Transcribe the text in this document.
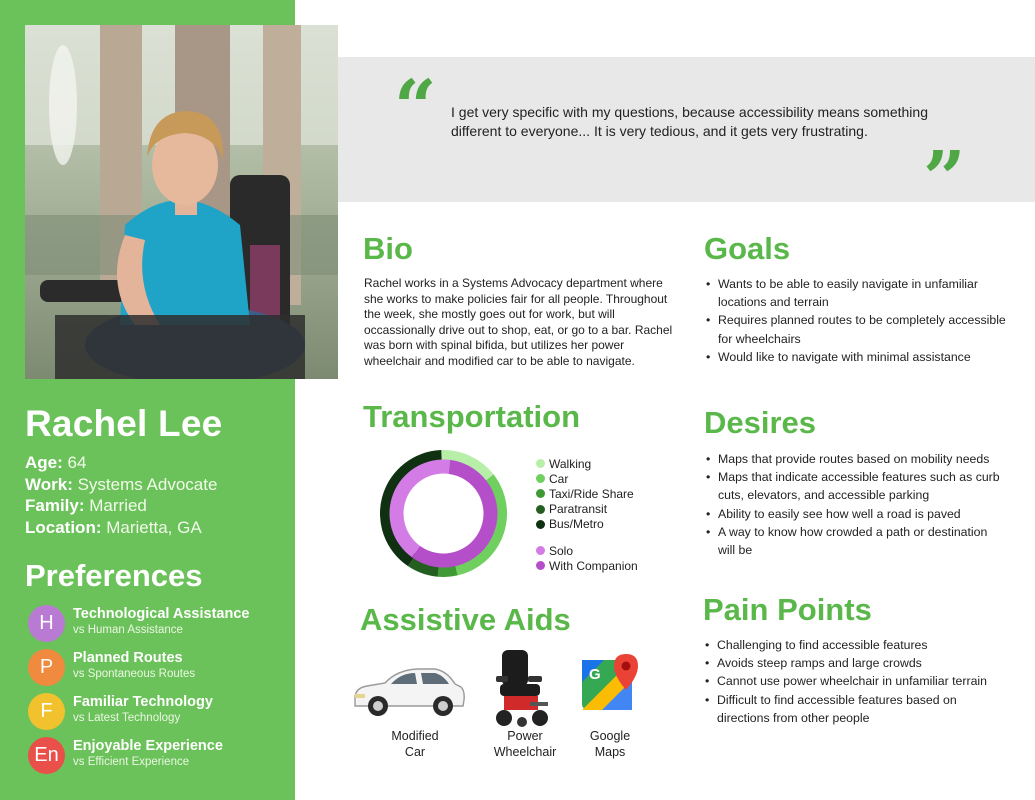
Rachel Lee
Age: 64
Work: Systems Advocate
Family: Married
Location: Marietta, GA
Preferences
H	Technological Assistance
vs Human Assistance
P	Planned Routes
vs Spontaneous Routes
F	Familiar Technology
vs Latest Technology
En Enjoyable Experience
vs Efficient Experience
“ I get very specific with my questions, because accessibility means something different to everyone... It is very tedious, and it gets very frustrating.
”
Bio
Rachel works in a Systems Advocacy department where she works to make policies fair for all people. Throughout the week, she mostly goes out for work, but will occassionally drive out to shop, eat, or go to a bar. Rachel was born with spinal bifida, but utilizes her power wheelchair and modified car to be able to navigate.
Goals
• Wants to be able to easily navigate in unfamiliar locations and terrain
• Requires planned routes to be completely accessible for wheelchairs
• Would like to navigate with minimal assistance
Transportation
Walking
Car
Taxi/Ride Share
Paratransit
Bus/Metro
Solo
With Companion
Desires
• Maps that provide routes based on mobility needs
• Maps that indicate accessible features such as curb cuts, elevators, and accessible parking
• Ability to easily see how well a road is paved
• A way to know how crowded a path or destination will be
Assistive Aids
G
Modified
Car
Power
Wheelchair
Google
Maps
Pain Points
• Challenging to find accessible features
• Avoids steep ramps and large crowds
• Cannot use power wheelchair in unfamiliar terrain
• Difficult to find accessible features based on directions from other people
